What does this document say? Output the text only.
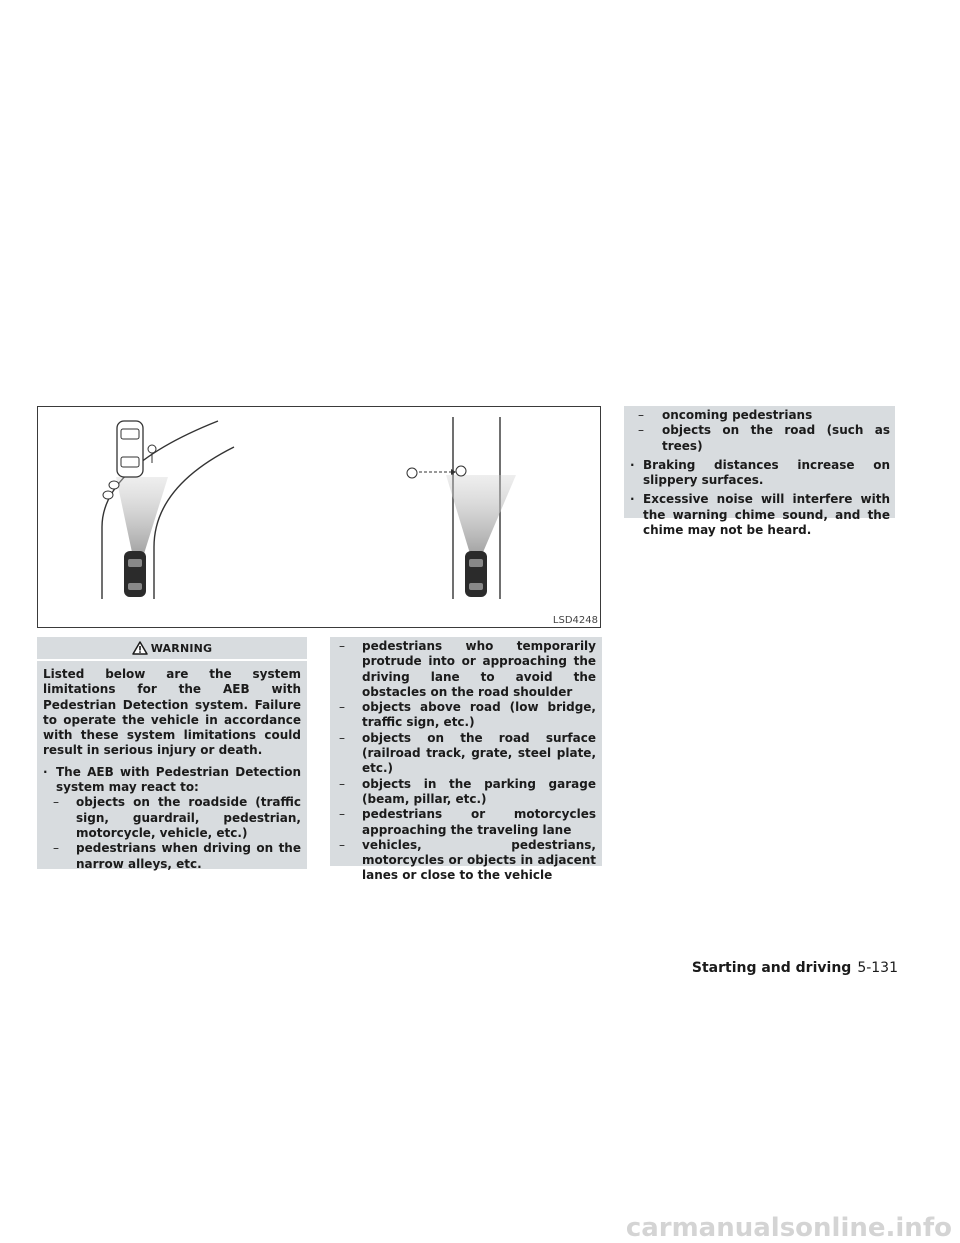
LSD4248
WARNING

Listed below are the system limitations for the AEB with Pedestrian Detection system. Failure to operate the vehicle in accordance with these system limitations could result in serious injury or death.

· The AEB with Pedestrian Detection system may react to:
– objects on the roadside (traffic sign, guardrail, pedestrian, motorcycle, vehicle, etc.)
– pedestrians when driving on the narrow alleys, etc.
– pedestrians who temporarily protrude into or approaching the driving lane to avoid the obstacles on the road shoulder
– objects above road (low bridge, traffic sign, etc.)
– objects on the road surface (railroad track, grate, steel plate, etc.)
– objects in the parking garage (beam, pillar, etc.)
– pedestrians or motorcycles approaching the traveling lane
– vehicles, pedestrians, motorcycles or objects in adjacent lanes or close to the vehicle
– oncoming pedestrians
– objects on the road (such as trees)
· Braking distances increase on slippery surfaces.
· Excessive noise will interfere with the warning chime sound, and the chime may not be heard.
Starting and driving 5-131
carmanualsonline.info
